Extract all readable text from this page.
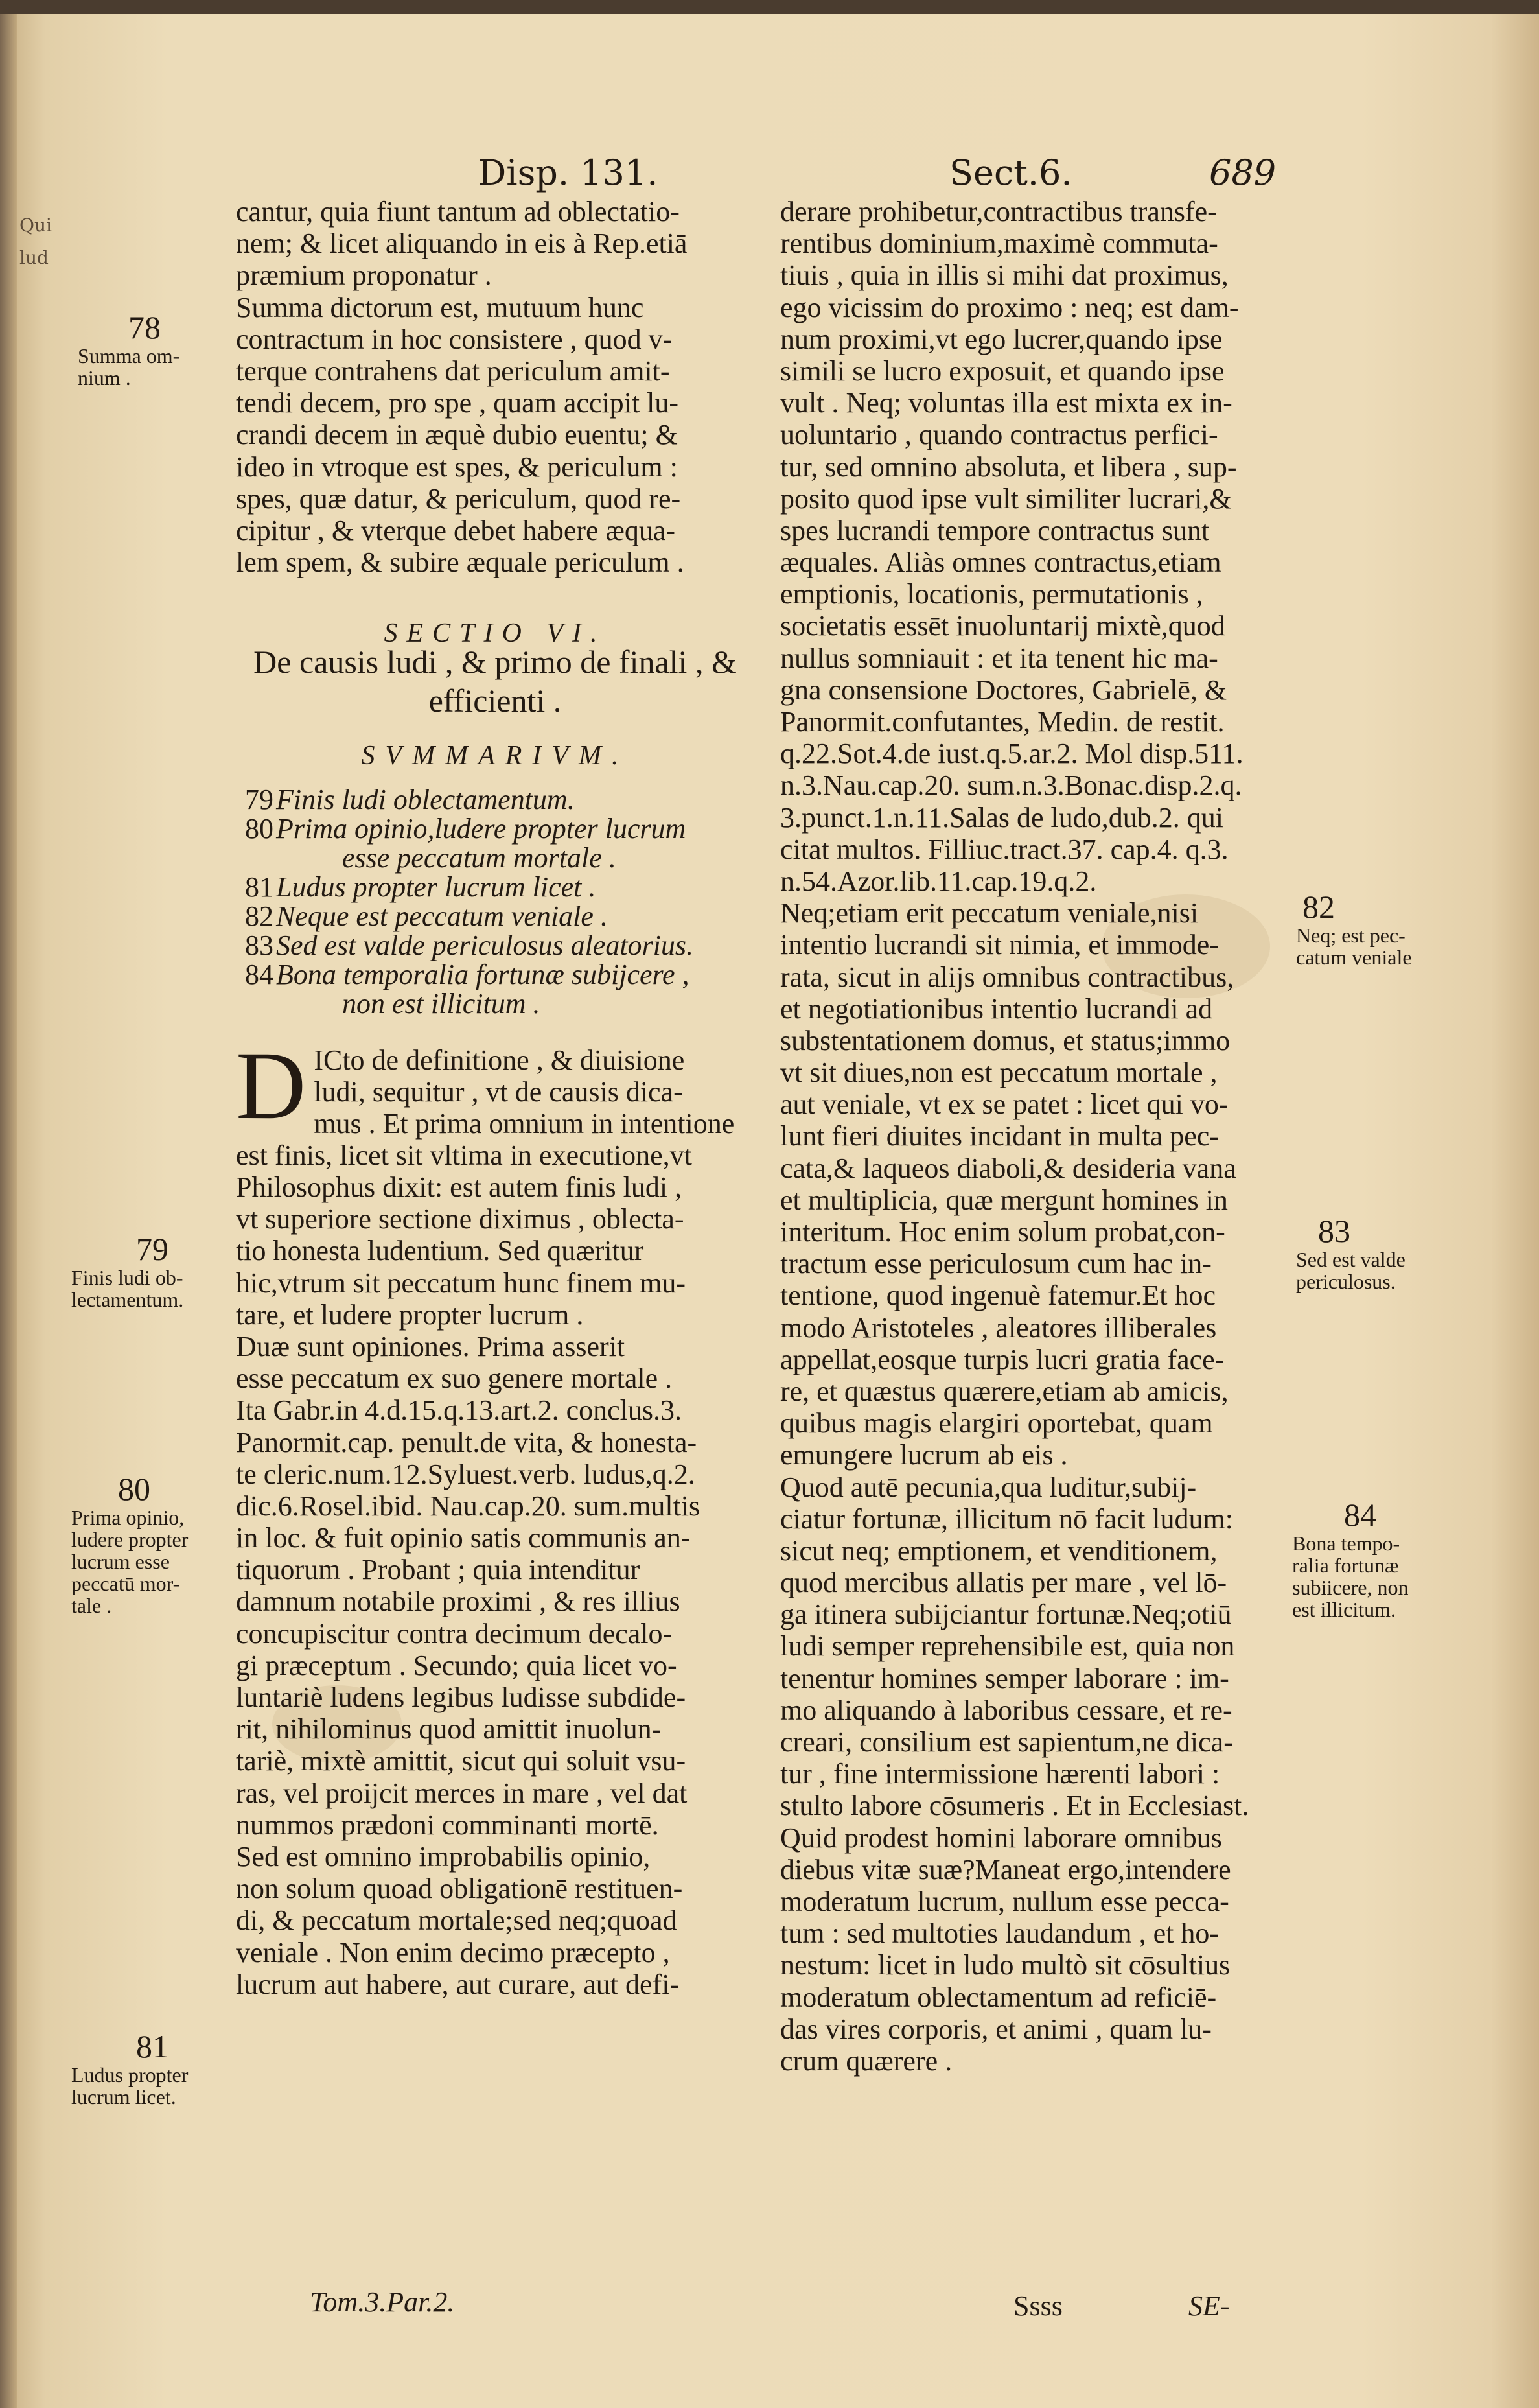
Qui
lud
Disp. 131.	Sect.6.	689
cantur, quia fiunt tantum ad oblectatio-
nem; & licet aliquando in eis à Rep.etiā
præmium proponatur .
Summa dictorum est, mutuum hunc
contractum in hoc consistere , quod v-
terque contrahens dat periculum amit-
tendi decem, pro spe , quam accipit lu-
crandi decem in æquè dubio euentu; &
ideo in vtroque est spes, & periculum :
spes, quæ datur, & periculum, quod re-
cipitur , & vterque debet habere æqua-
lem spem, & subire æquale periculum .
SECTIO VI.
De causis ludi , & primo de finali , & efficienti .
SVMMARIVM.
79Finis ludi oblectamentum.
80Prima opinio,ludere propter lucrum
esse peccatum mortale .
81Ludus propter lucrum licet .
82Neque est peccatum veniale .
83Sed est valde periculosus aleatorius.
84Bona temporalia fortunæ subijcere ,
non est illicitum .
D ICto de definitione , & diuisione
ludi, sequitur , vt de causis dica-
mus . Et prima omnium in intentione
est finis, licet sit vltima in executione,vt
Philosophus dixit: est autem finis ludi ,
vt superiore sectione diximus , oblecta-
tio honesta ludentium. Sed quæritur
hic,vtrum sit peccatum hunc finem mu-
tare, et ludere propter lucrum .
Duæ sunt opiniones. Prima asserit
esse peccatum ex suo genere mortale .
Ita Gabr.in 4.d.15.q.13.art.2. conclus.3.
Panormit.cap. penult.de vita, & honesta-
te cleric.num.12.Syluest.verb. ludus,q.2.
dic.6.Rosel.ibid. Nau.cap.20. sum.multis
in loc. & fuit opinio satis communis an-
tiquorum . Probant ; quia intenditur
damnum notabile proximi , & res illius
concupiscitur contra decimum decalo-
gi præceptum . Secundo; quia licet vo-
luntariè ludens legibus ludisse subdide-
rit, nihilominus quod amittit inuolun-
tariè, mixtè amittit, sicut qui soluit vsu-
ras, vel proijcit merces in mare , vel dat
nummos prædoni comminanti mortē.
Sed est omnino improbabilis opinio,
non solum quoad obligationē restituen-
di, & peccatum mortale;sed neq;quoad
veniale . Non enim decimo præcepto ,
lucrum aut habere, aut curare, aut defi-
derare prohibetur,contractibus transfe-
rentibus dominium,maximè commuta-
tiuis , quia in illis si mihi dat proximus,
ego vicissim do proximo : neq; est dam-
num proximi,vt ego lucrer,quando ipse
simili se lucro exposuit, et quando ipse
vult . Neq; voluntas illa est mixta ex in-
uoluntario , quando contractus perfici-
tur, sed omnino absoluta, et libera , sup-
posito quod ipse vult similiter lucrari,&
spes lucrandi tempore contractus sunt
æquales. Aliàs omnes contractus,etiam
emptionis, locationis, permutationis ,
societatis essēt inuoluntarij mixtè,quod
nullus somniauit : et ita tenent hic ma-
gna consensione Doctores, Gabrielē, &
Panormit.confutantes, Medin. de restit.
q.22.Sot.4.de iust.q.5.ar.2. Mol disp.511.
n.3.Nau.cap.20. sum.n.3.Bonac.disp.2.q.
3.punct.1.n.11.Salas de ludo,dub.2. qui
citat multos. Filliuc.tract.37. cap.4. q.3.
n.54.Azor.lib.11.cap.19.q.2.
Neq;etiam erit peccatum veniale,nisi
intentio lucrandi sit nimia, et immode-
rata, sicut in alijs omnibus contractibus,
et negotiationibus intentio lucrandi ad
substentationem domus, et status;immo
vt sit diues,non est peccatum mortale ,
aut veniale, vt ex se patet : licet qui vo-
lunt fieri diuites incidant in multa pec-
cata,& laqueos diaboli,& desideria vana
et multiplicia, quæ mergunt homines in
interitum. Hoc enim solum probat,con-
tractum esse periculosum cum hac in-
tentione, quod ingenuè fatemur.Et hoc
modo Aristoteles , aleatores illiberales
appellat,eosque turpis lucri gratia face-
re, et quæstus quærere,etiam ab amicis,
quibus magis elargiri oportebat, quam
emungere lucrum ab eis .
Quod autē pecunia,qua luditur,subij-
ciatur fortunæ, illicitum nō facit ludum:
sicut neq; emptionem, et venditionem,
quod mercibus allatis per mare , vel lō-
ga itinera subijciantur fortunæ.Neq;otiū
ludi semper reprehensibile est, quia non
tenentur homines semper laborare : im-
mo aliquando à laboribus cessare, et re-
creari, consilium est sapientum,ne dica-
tur , fine intermissione hærenti labori :
stulto labore cōsumeris . Et in Ecclesiast.
Quid prodest homini laborare omnibus
diebus vitæ suæ?Maneat ergo,intendere
moderatum lucrum, nullum esse pecca-
tum : sed multoties laudandum , et ho-
nestum: licet in ludo multò sit cōsultius
moderatum oblectamentum ad reficiē-
das vires corporis, et animi , quam lu-
crum quærere .
78
Summa om-
nium .
79
Finis ludi ob-
lectamentum.
80
Prima opinio,
ludere propter
lucrum esse
peccatū mor-
tale .
81
Ludus propter
lucrum licet.
82
Neq; est pec-
catum veniale
83
Sed est valde
periculosus.
84
Bona tempo-
ralia fortunæ
subiicere, non
est illicitum.
Tom.3.Par.2.	Ssss	SE-
